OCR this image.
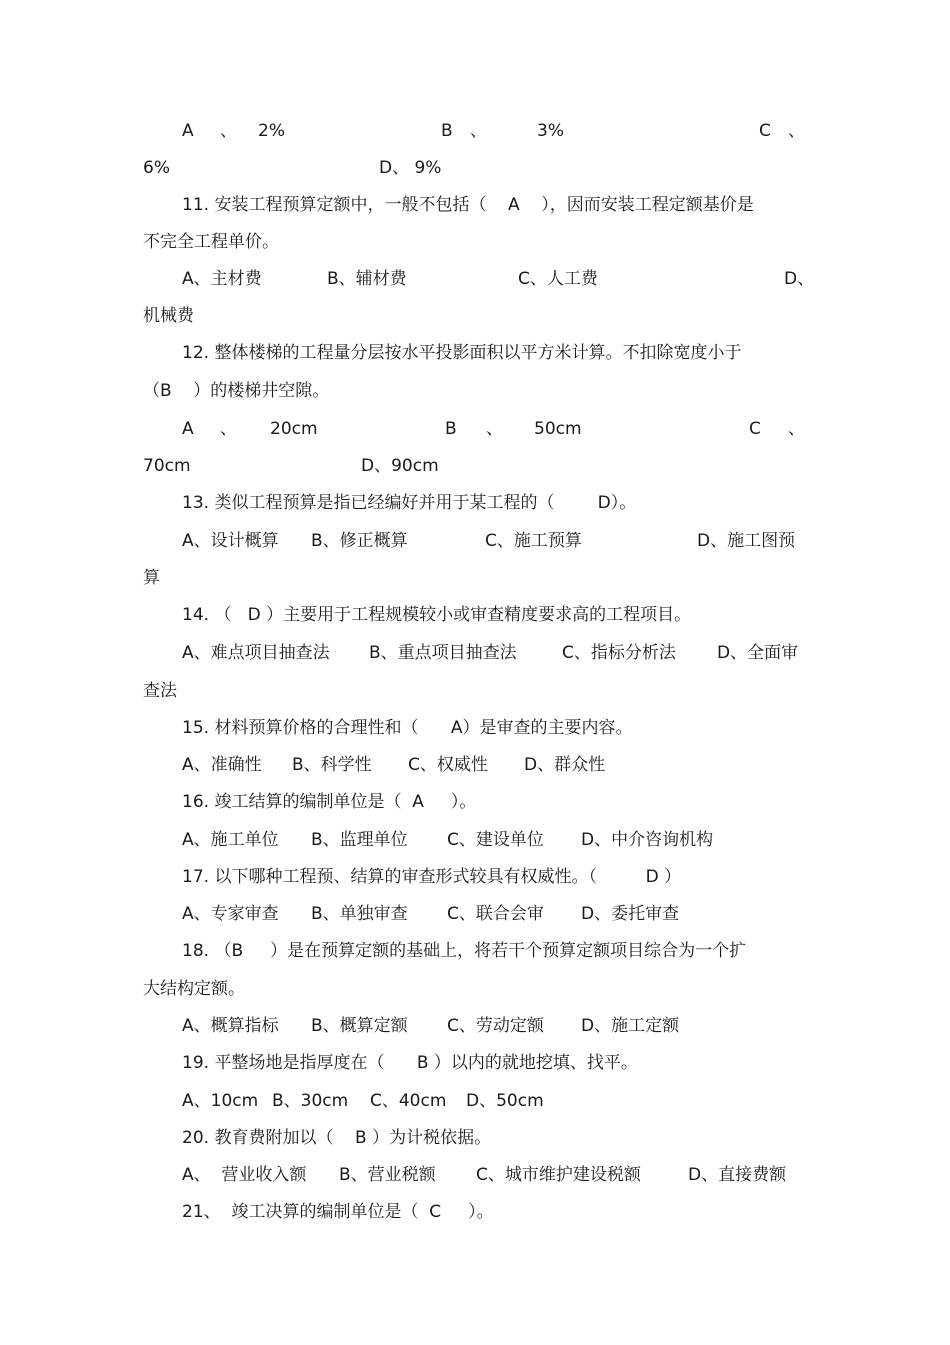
A 、 2%	B 、	3%	C 、
6%	D、 9%
11. 安装工程预算定额中，一般不包括（    A    ），因而安装工程定额基价是
不完全工程单价。
A、主材费	B、辅材费	C、人工费	D、
机械费
12. 整体楼梯的工程量分层按水平投影面积以平方米计算。不扣除宽度小于
（B    ）的楼梯井空隙。
A 、 20cm	B 、 50cm	C 、
70cm	D、90cm
13. 类似工程预算是指已经编好并用于某工程的（        D）。
A、设计概算 B、修正概算	C、施工预算	D、施工图预
算
14. （   D ）主要用于工程规模较小或审查精度要求高的工程项目。
A、难点项目抽查法 B、重点项目抽查法	C、指标分析法 D、全面审
查法
15. 材料预算价格的合理性和（      A）是审查的主要内容。
A、准确性 B、科学性 C、权威性 D、群众性
16. 竣工结算的编制单位是（  A     ）。
A、施工单位 B、监理单位 C、建设单位 D、中介咨询机构
17. 以下哪种工程预、结算的审查形式较具有权威性。（         D ）
A、专家审查 B、单独审查 C、联合会审 D、委托审查
18. （B     ）是在预算定额的基础上，将若干个预算定额项目综合为一个扩
大结构定额。
A、概算指标 B、概算定额 C、劳动定额 D、施工定额
19. 平整场地是指厚度在（      B ）以内的就地挖填、找平。
A、10cm B、30cm C、40cm D、50cm
20. 教育费附加以（    B ）为计税依据。
A、  营业收入额 B、营业税额 C、城市维护建设税额	D、直接费额
21、  竣工决算的编制单位是（  C     ）。
